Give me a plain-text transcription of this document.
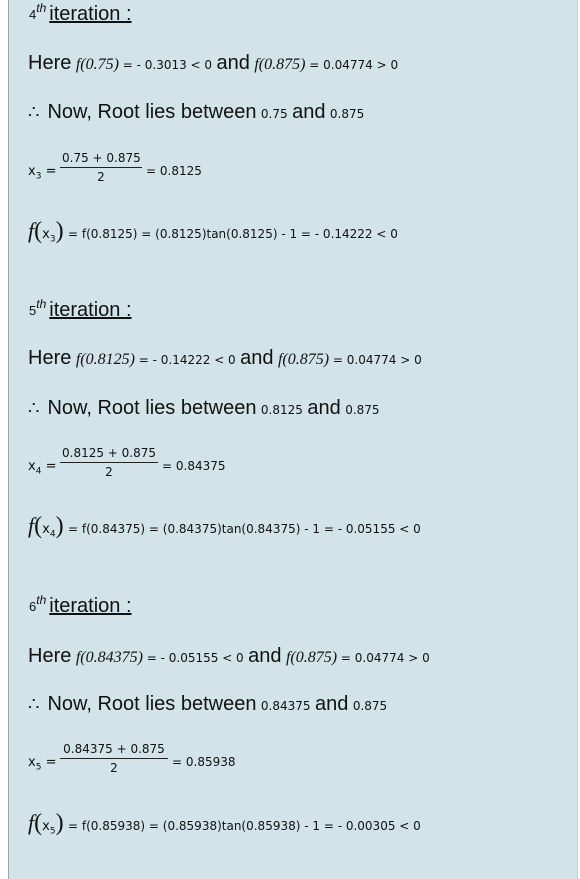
4th iteration :
Here f(0.75) = - 0.3013 < 0 and f(0.875) = 0.04774 > 0
∴ Now, Root lies between 0.75 and 0.875
$x_3$ =
0.75 + 0.875
2	= 0.8125
$f(x_3) = f(0.8125) = (0.8125)\tan(0.8125) - 1$ = - 0.14222 < 0
5th iteration :
Here f(0.8125) = - 0.14222 < 0 and f(0.875) = 0.04774 > 0
∴ Now, Root lies between 0.8125 and 0.875
$x_4$ =
0.8125 + 0.875
2	= 0.84375
$f(x_4) = f(0.84375) = (0.84375)\tan(0.84375) - 1$ = - 0.05155 < 0
6th iteration :
Here f(0.84375) = - 0.05155 < 0 and f(0.875) = 0.04774 > 0
∴ Now, Root lies between 0.84375 and 0.875
$x_5$ =
0.84375 + 0.875
2	= 0.85938
$f(x_5) = f(0.85938) = (0.85938)\tan(0.85938) - 1$ = - 0.00305 < 0
